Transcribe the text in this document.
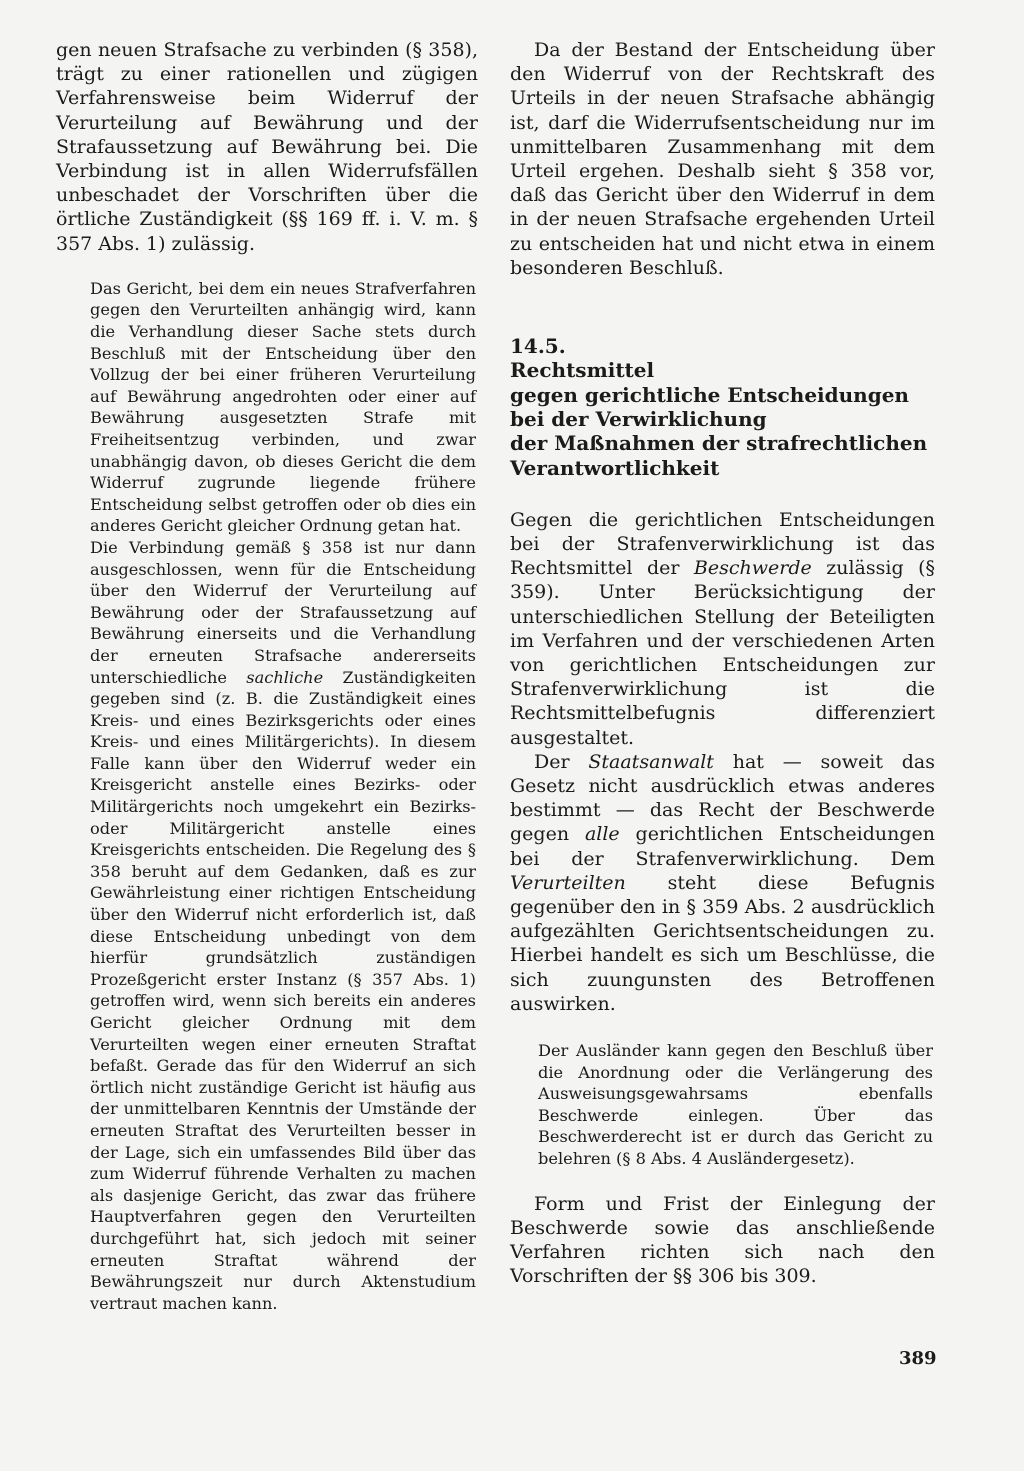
gen neuen Strafsache zu verbinden (§ 358), trägt zu einer rationellen und zügigen Verfahrensweise beim Widerruf der Verurteilung auf Bewährung und der Strafaussetzung auf Bewährung bei. Die Verbindung ist in allen Widerrufsfällen unbeschadet der Vorschriften über die örtliche Zuständigkeit (§§ 169 ff. i. V. m. § 357 Abs. 1) zulässig.

Das Gericht, bei dem ein neues Strafverfahren gegen den Verurteilten anhängig wird, kann die Verhandlung dieser Sache stets durch Beschluß mit der Entscheidung über den Vollzug der bei einer früheren Verurteilung auf Bewährung angedrohten oder einer auf Bewährung ausgesetzten Strafe mit Freiheitsentzug verbinden, und zwar unabhängig davon, ob dieses Gericht die dem Widerruf zugrunde liegende frühere Entscheidung selbst getroffen oder ob dies ein anderes Gericht gleicher Ordnung getan hat.

Die Verbindung gemäß § 358 ist nur dann ausgeschlossen, wenn für die Entscheidung über den Widerruf der Verurteilung auf Bewährung oder der Strafaussetzung auf Bewährung einerseits und die Verhandlung der erneuten Strafsache andererseits unterschiedliche sachliche Zuständigkeiten gegeben sind (z. B. die Zuständigkeit eines Kreis- und eines Bezirksgerichts oder eines Kreis- und eines Militärgerichts). In diesem Falle kann über den Widerruf weder ein Kreisgericht anstelle eines Bezirks- oder Militärgerichts noch umgekehrt ein Bezirks- oder Militärgericht anstelle eines Kreisgerichts entscheiden. Die Regelung des § 358 beruht auf dem Gedanken, daß es zur Gewährleistung einer richtigen Entscheidung über den Widerruf nicht erforderlich ist, daß diese Entscheidung unbedingt von dem hierfür grundsätzlich zuständigen Prozeßgericht erster Instanz (§ 357 Abs. 1) getroffen wird, wenn sich bereits ein anderes Gericht gleicher Ordnung mit dem Verurteilten wegen einer erneuten Straftat befaßt. Gerade das für den Widerruf an sich örtlich nicht zuständige Gericht ist häufig aus der unmittelbaren Kenntnis der Umstände der erneuten Straftat des Verurteilten besser in der Lage, sich ein umfassendes Bild über das zum Widerruf führende Verhalten zu machen als dasjenige Gericht, das zwar das frühere Hauptverfahren gegen den Verurteilten durchgeführt hat, sich jedoch mit seiner erneuten Straftat während der Bewährungszeit nur durch Aktenstudium vertraut machen kann.

Da der Bestand der Entscheidung über den Widerruf von der Rechtskraft des Urteils in der neuen Strafsache abhängig ist, darf die Widerrufsentscheidung nur im unmittelbaren Zusammenhang mit dem Urteil ergehen. Deshalb sieht § 358 vor, daß das Gericht über den Widerruf in dem in der neuen Strafsache ergehenden Urteil zu entscheiden hat und nicht etwa in einem besonderen Beschluß.

14.5.
Rechtsmittel
gegen gerichtliche Entscheidungen
bei der Verwirklichung
der Maßnahmen der strafrechtlichen
Verantwortlichkeit

Gegen die gerichtlichen Entscheidungen bei der Strafenverwirklichung ist das Rechtsmittel der Beschwerde zulässig (§ 359). Unter Berücksichtigung der unterschiedlichen Stellung der Beteiligten im Verfahren und der verschiedenen Arten von gerichtlichen Entscheidungen zur Strafenverwirklichung ist die Rechtsmittelbefugnis differenziert ausgestaltet.

Der Staatsanwalt hat — soweit das Gesetz nicht ausdrücklich etwas anderes bestimmt — das Recht der Beschwerde gegen alle gerichtlichen Entscheidungen bei der Strafenverwirklichung. Dem Verurteilten steht diese Befugnis gegenüber den in § 359 Abs. 2 ausdrücklich aufgezählten Gerichtsentscheidungen zu. Hierbei handelt es sich um Beschlüsse, die sich zuungunsten des Betroffenen auswirken.

Der Ausländer kann gegen den Beschluß über die Anordnung oder die Verlängerung des Ausweisungsgewahrsams ebenfalls Beschwerde einlegen. Über das Beschwerderecht ist er durch das Gericht zu belehren (§ 8 Abs. 4 Ausländergesetz).

Form und Frist der Einlegung der Beschwerde sowie das anschließende Verfahren richten sich nach den Vorschriften der §§ 306 bis 309.

389
